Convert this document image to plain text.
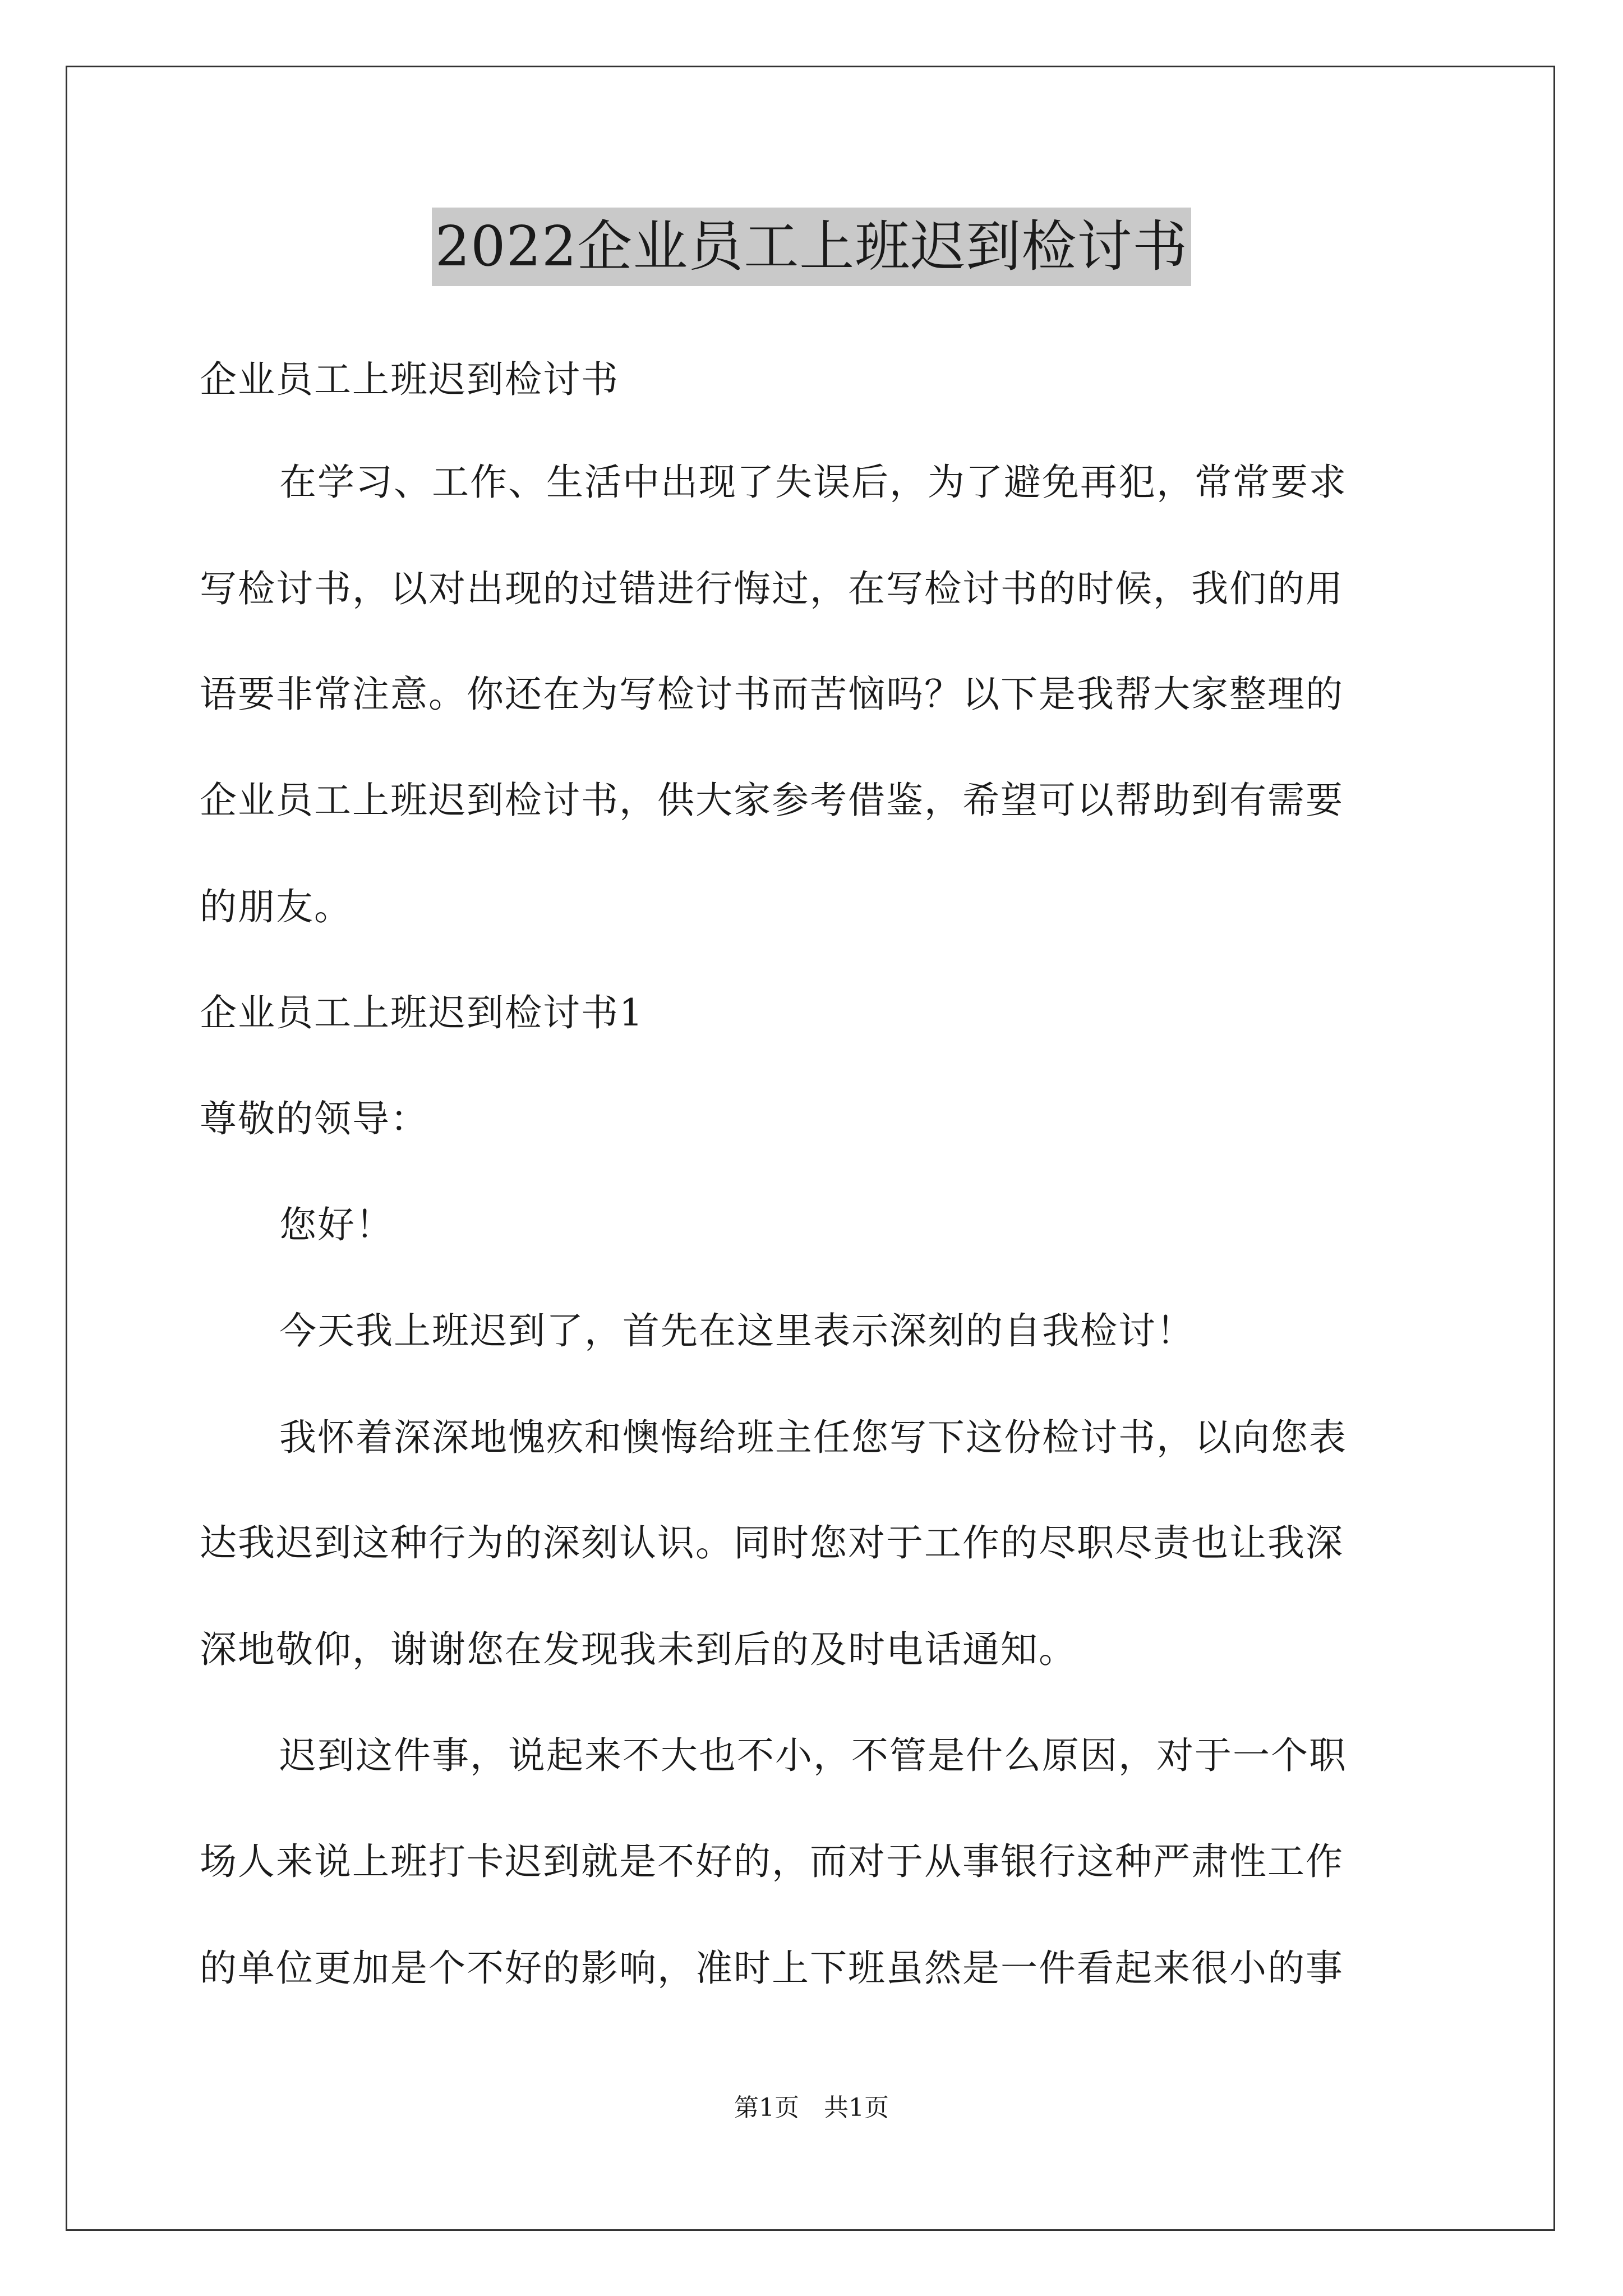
2022企业员工上班迟到检讨书
企业员工上班迟到检讨书
在学习、工作、生活中出现了失误后，为了避免再犯，常常要求
写检讨书，以对出现的过错进行悔过，在写检讨书的时候，我们的用
语要非常注意。你还在为写检讨书而苦恼吗？以下是我帮大家整理的
企业员工上班迟到检讨书，供大家参考借鉴，希望可以帮助到有需要
的朋友。
企业员工上班迟到检讨书1
尊敬的领导：
您好！
今天我上班迟到了，首先在这里表示深刻的自我检讨！
我怀着深深地愧疚和懊悔给班主任您写下这份检讨书，以向您表
达我迟到这种行为的深刻认识。同时您对于工作的尽职尽责也让我深
深地敬仰，谢谢您在发现我未到后的及时电话通知。
迟到这件事，说起来不大也不小，不管是什么原因，对于一个职
场人来说上班打卡迟到就是不好的，而对于从事银行这种严肃性工作
的单位更加是个不好的影响，准时上下班虽然是一件看起来很小的事
第1页　共1页
